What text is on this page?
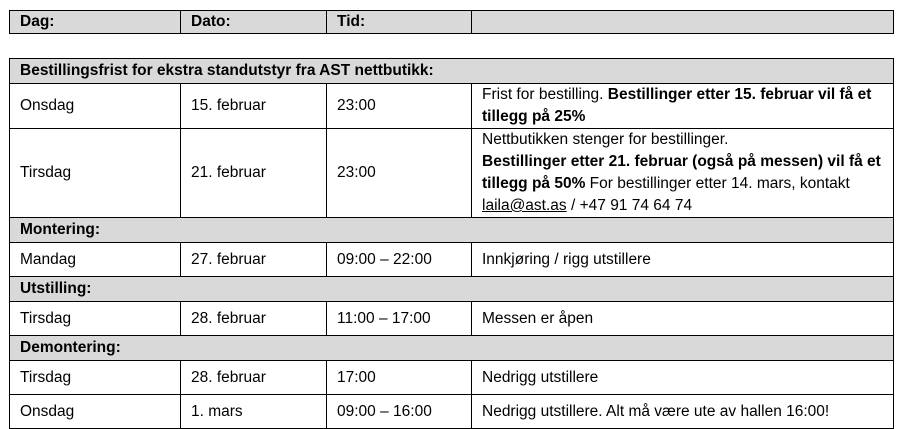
Dag:	Dato:	Tid:	
Bestillingsfrist for ekstra standutstyr fra AST nettbutikk:			
Onsdag	15. februar	23:00	Frist for bestilling. Bestillinger etter 15. februar vil få et tillegg på 25%
Tirsdag	21. februar	23:00	Nettbutikken stenger for bestillinger.
Bestillinger etter 21. februar (også på messen) vil få et tillegg på 50% For bestillinger etter 14. mars, kontakt laila@ast.as / +47 91 74 64 74
Montering:			
Mandag	27. februar	09:00 – 22:00	Innkjøring / rigg utstillere
Utstilling:			
Tirsdag	28. februar	11:00 – 17:00	Messen er åpen
Demontering:			
Tirsdag	28. februar	17:00	Nedrigg utstillere
Onsdag	1. mars	09:00 – 16:00	Nedrigg utstillere. Alt må være ute av hallen 16:00!
